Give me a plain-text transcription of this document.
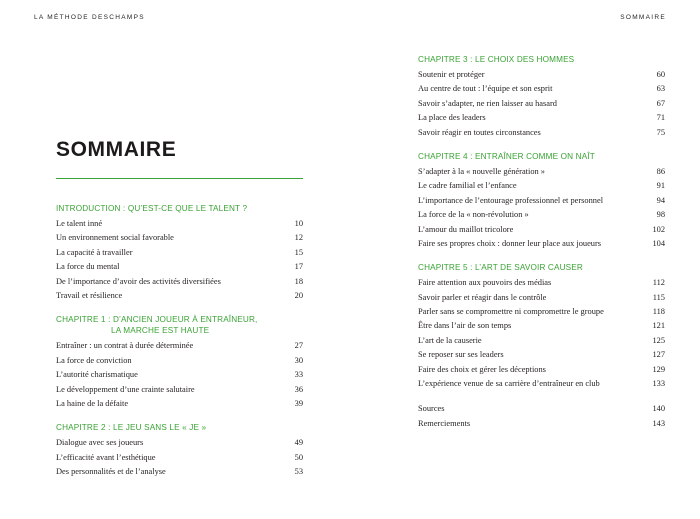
LA MÉTHODE DESCHAMPS	SOMMAIRE
SOMMAIRE
INTRODUCTION : QU’EST-CE QUE LE TALENT ?
Le talent inné	10
Un environnement social favorable	12
La capacité à travailler	15
La force du mental	17
De l’importance d’avoir des activités diversifiées	18
Travail et résilience	20
CHAPITRE 1 : D’ANCIEN JOUEUR À ENTRAÎNEUR,
LA MARCHE EST HAUTE
Entraîner : un contrat à durée déterminée	27
La force de conviction	30
L’autorité charismatique	33
Le développement d’une crainte salutaire	36
La haine de la défaite	39
CHAPITRE 2 : LE JEU SANS LE « JE »
Dialogue avec ses joueurs	49
L’efficacité avant l’esthétique	50
Des personnalités et de l’analyse	53
CHAPITRE 3 : LE CHOIX DES HOMMES
Soutenir et protéger	60
Au centre de tout : l’équipe et son esprit	63
Savoir s’adapter, ne rien laisser au hasard	67
La place des leaders	71
Savoir réagir en toutes circonstances	75
CHAPITRE 4 : ENTRAÎNER COMME ON NAÎT
S’adapter à la « nouvelle génération »	86
Le cadre familial et l’enfance	91
L’importance de l’entourage professionnel et personnel	94
La force de la « non-révolution »	98
L’amour du maillot tricolore	102
Faire ses propres choix : donner leur place aux joueurs	104
CHAPITRE 5 : L’ART DE SAVOIR CAUSER
Faire attention aux pouvoirs des médias	112
Savoir parler et réagir dans le contrôle	115
Parler sans se compromettre ni compromettre le groupe	118
Être dans l’air de son temps	121
L’art de la causerie	125
Se reposer sur ses leaders	127
Faire des choix et gérer les déceptions	129
L’expérience venue de sa carrière d’entraîneur en club	133
Sources	140
Remerciements	143
